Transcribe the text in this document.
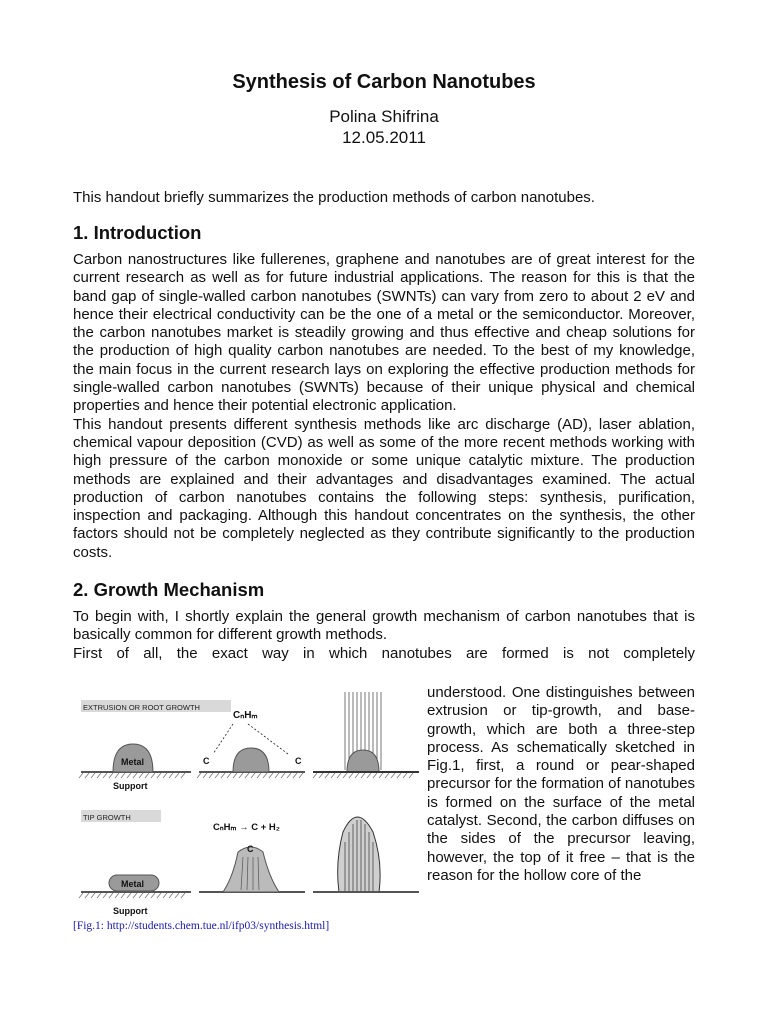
Synthesis of Carbon Nanotubes
Polina Shifrina
12.05.2011

This handout briefly summarizes the production methods of carbon nanotubes.

1. Introduction

Carbon nanostructures like fullerenes, graphene and nanotubes are of great interest for the current research as well as for future industrial applications. The reason for this is that the band gap of single-walled carbon nanotubes (SWNTs) can vary from zero to about 2 eV and hence their electrical conductivity can be the one of a metal or the semiconductor. Moreover, the carbon nanotubes market is steadily growing and thus effective and cheap solutions for the production of high quality carbon nanotubes are needed. To the best of my knowledge, the main focus in the current research lays on exploring the effective production methods for single-walled carbon nanotubes (SWNTs) because of their unique physical and chemical properties and hence their potential electronic application.

This handout presents different synthesis methods like arc discharge (AD), laser ablation, chemical vapour deposition (CVD) as well as some of the more recent methods working with high pressure of the carbon monoxide or some unique catalytic mixture. The production methods are explained and their advantages and disadvantages examined. The actual production of carbon nanotubes contains the following steps: synthesis, purification, inspection and packaging. Although this handout concentrates on the synthesis, the other factors should not be completely neglected as they contribute significantly to the production costs.

2. Growth Mechanism

To begin with, I shortly explain the general growth mechanism of carbon nanotubes that is basically common for different growth methods.

First of all, the exact way in which nanotubes are formed is not completely

EXTRUSION OR ROOT GROWTH
Metal
Support
CₙHₘ
C	C
TIP GROWTH
Metal
Support
CₙHₘ → C + H₂
C
[Fig.1: http://students.chem.tue.nl/ifp03/synthesis.html]

understood. One distinguishes between extrusion or tip-growth, and base-growth, which are both a three-step process. As schematically sketched in Fig.1, first, a round or pear-shaped precursor for the formation of nanotubes is formed on the surface of the metal catalyst. Second, the carbon diffuses on the sides of the precursor leaving, however, the top of it free – that is the reason for the hollow core of the
